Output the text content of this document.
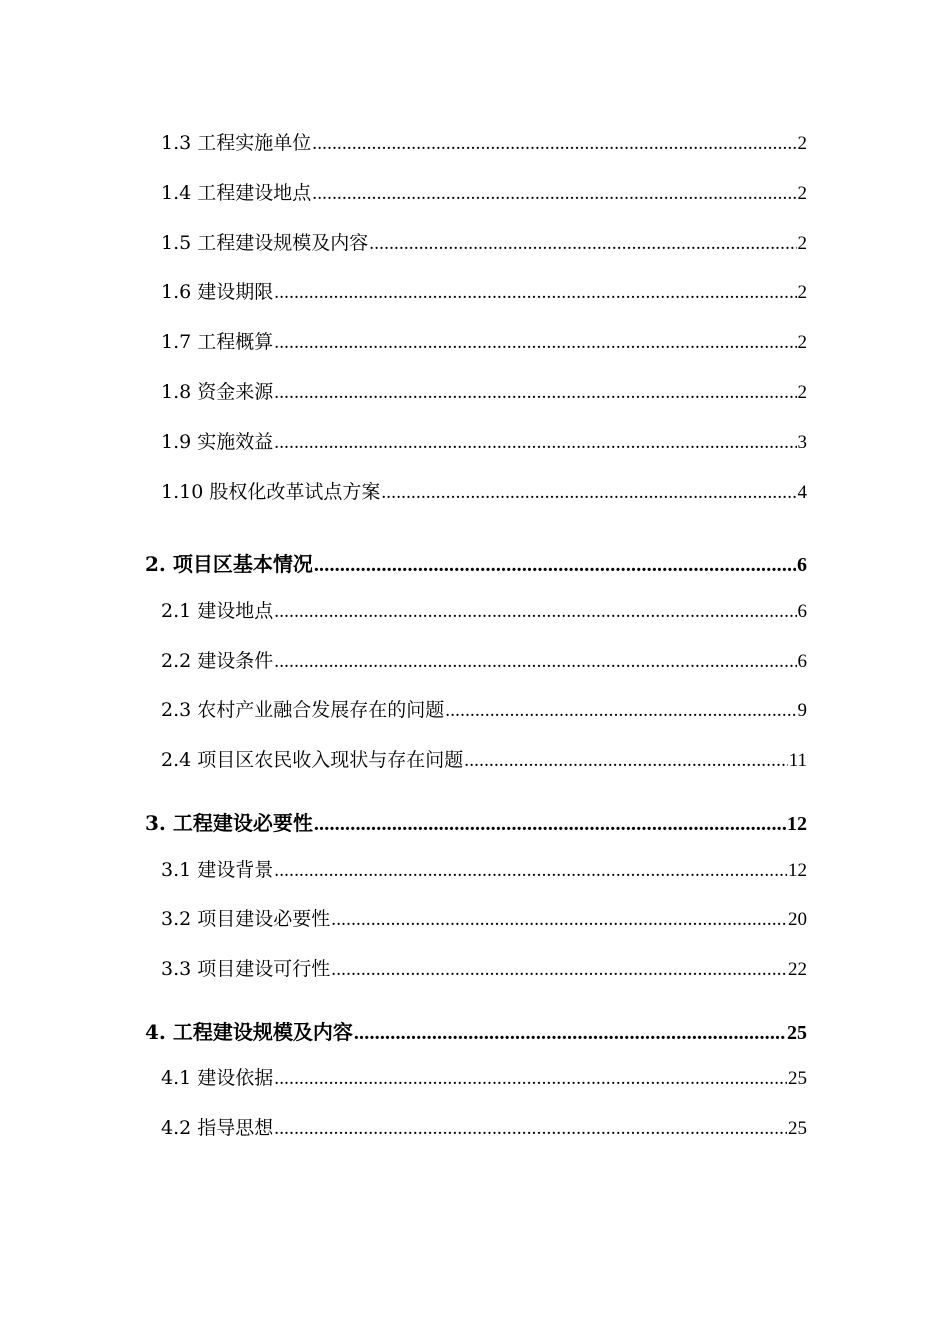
1.3 工程实施单位 .....	2
1.4 工程建设地点 .....	2
1.5 工程建设规模及内容 .....	2
1.6 建设期限 .....	2
1.7 工程概算 .....	2
1.8 资金来源 .....	2
1.9 实施效益 .....	3
1.10 股权化改革试点方案 .....	4
2. 项目区基本情况 .....	6
2.1 建设地点 .....	6
2.2 建设条件 .....	6
2.3 农村产业融合发展存在的问题 .....	9
2.4 项目区农民收入现状与存在问题 .....	11
3. 工程建设必要性 .....	12
3.1 建设背景 .....	12
3.2 项目建设必要性 .....	20
3.3 项目建设可行性 .....	22
4. 工程建设规模及内容 .....	25
4.1 建设依据 .....	25
4.2 指导思想 .....	25
